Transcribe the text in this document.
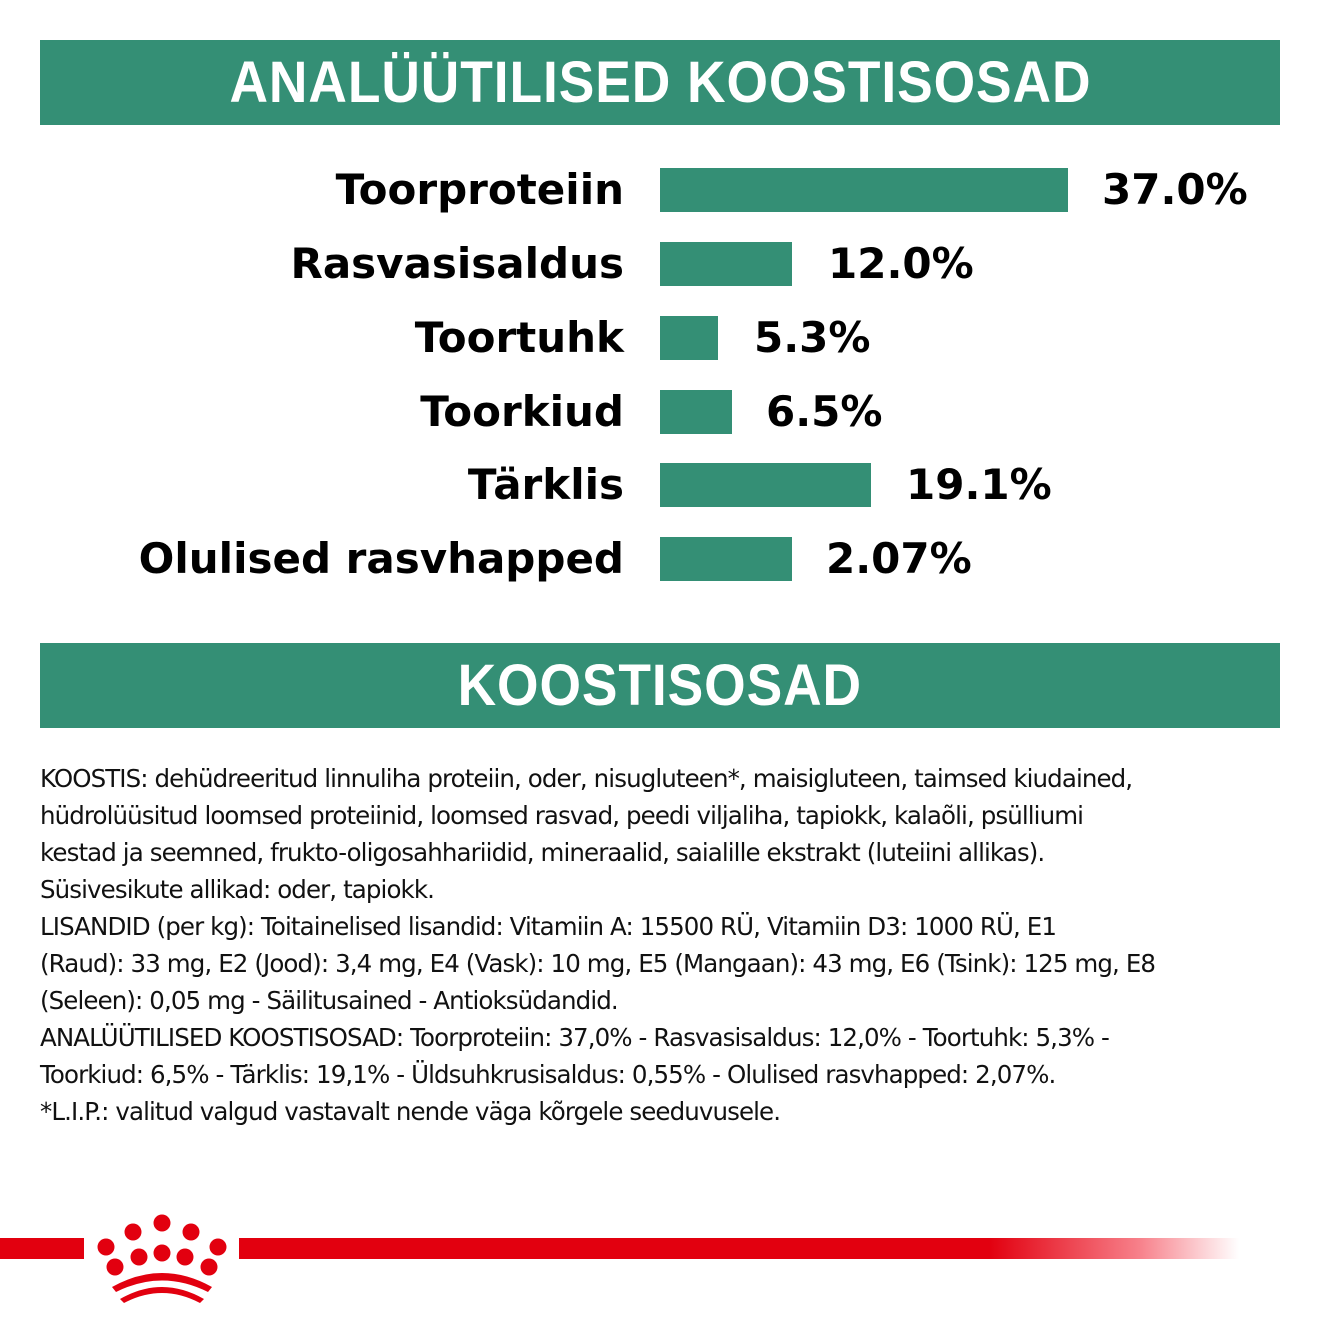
ANALÜÜTILISED KOOSTISOSAD
Toorproteiin	37.0%
Rasvasisaldus	12.0%
Toortuhk	5.3%
Toorkiud	6.5%
Tärklis	19.1%
Olulised rasvhapped	2.07%
KOOSTISOSAD

KOOSTIS: dehüdreeritud linnuliha proteiin, oder, nisugluteen*, maisigluteen, taimsed kiudained,

hüdrolüüsitud loomsed proteiinid, loomsed rasvad, peedi viljaliha, tapiokk, kalaõli, psülliumi

kestad ja seemned, frukto-oligosahhariidid, mineraalid, saialille ekstrakt (luteiini allikas).

Süsivesikute allikad: oder, tapiokk.

LISANDID (per kg): Toitainelised lisandid: Vitamiin A: 15500 RÜ, Vitamiin D3: 1000 RÜ, E1

(Raud): 33 mg, E2 (Jood): 3,4 mg, E4 (Vask): 10 mg, E5 (Mangaan): 43 mg, E6 (Tsink): 125 mg, E8

(Seleen): 0,05 mg - Säilitusained - Antioksüdandid.

ANALÜÜTILISED KOOSTISOSAD: Toorproteiin: 37,0% - Rasvasisaldus: 12,0% - Toortuhk: 5,3% -

Toorkiud: 6,5% - Tärklis: 19,1% - Üldsuhkrusisaldus: 0,55% - Olulised rasvhapped: 2,07%.

*L.I.P.: valitud valgud vastavalt nende väga kõrgele seeduvusele.
